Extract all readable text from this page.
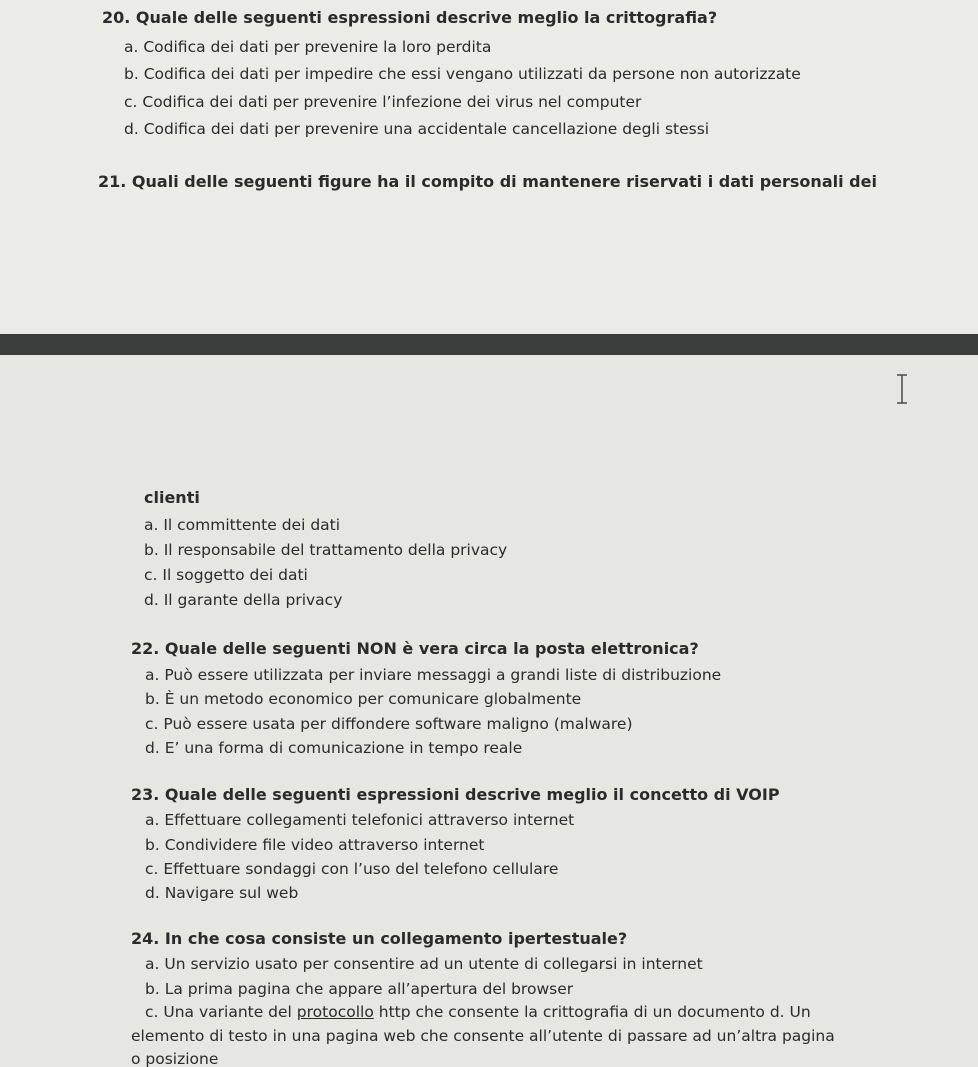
20. Quale delle seguenti espressioni descrive meglio la crittografia?
a. Codifica dei dati per prevenire la loro perdita
b. Codifica dei dati per impedire che essi vengano utilizzati da persone non autorizzate
c. Codifica dei dati per prevenire l’infezione dei virus nel computer
d. Codifica dei dati per prevenire una accidentale cancellazione degli stessi
21. Quali delle seguenti figure ha il compito di mantenere riservati i dati personali dei
clienti
a. Il committente dei dati
b. Il responsabile del trattamento della privacy
c. Il soggetto dei dati
d. Il garante della privacy
22. Quale delle seguenti NON è vera circa la posta elettronica?
a. Può essere utilizzata per inviare messaggi a grandi liste di distribuzione
b. È un metodo economico per comunicare globalmente
c. Può essere usata per diffondere software maligno (malware)
d. E’ una forma di comunicazione in tempo reale
23. Quale delle seguenti espressioni descrive meglio il concetto di VOIP
a. Effettuare collegamenti telefonici attraverso internet
b. Condividere file video attraverso internet
c. Effettuare sondaggi con l’uso del telefono cellulare
d. Navigare sul web
24. In che cosa consiste un collegamento ipertestuale?
a. Un servizio usato per consentire ad un utente di collegarsi in internet
b. La prima pagina che appare all’apertura del browser
c. Una variante del protocollo http che consente la crittografia di un documento d. Un
elemento di testo in una pagina web che consente all’utente di passare ad un’altra pagina
o posizione
